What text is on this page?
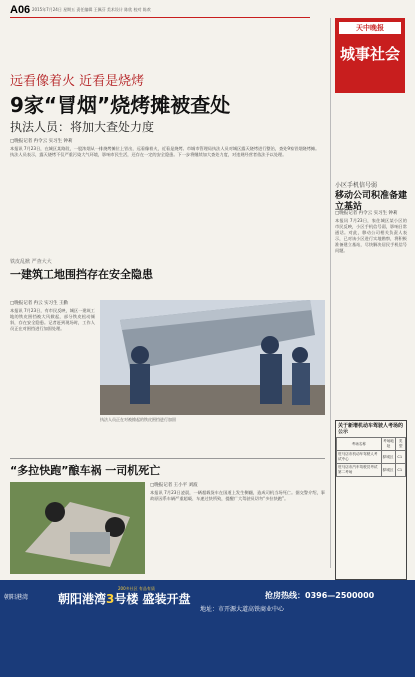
A06 2015年7月24日 星期五 责任编辑 王佩芬 美术设计 陈欣 校对 陈欢
天中晚报
城事社会
远看像着火 近看是烧烤
9家“冒烟”烧烤摊被查处
执法人员：将加大查处力度
□晚报记者 冉令云 实习生 钟莉

本报讯 7月23日，在城区某路段，一股浓烟从一排烧烤摊位上冒出，远看像着火，近看是烧烤。市城市管理局执法人员对城区露天烧烤进行整治，查处9家冒烟烧烤摊。

执法人员表示，露天烧烤不仅严重污染大气环境，影响市民生活，还存在一定的安全隐患。下一步将继续加大查处力度，对违规经营者依法予以处理。

铁皮乱掀 严查大大
一建筑工地围挡存在安全隐患
□晚报记者 冉云 实习生 王勤

本报讯 7月23日，有市民反映，城区一建筑工地的铁皮围挡被大风掀起，部分铁皮松动倾斜，存在安全隐患。记者赶到现场时，工作人员正在对围挡进行加固处理。

执法人员正在对被掀起的铁皮围挡进行加固
小区手机信号弱
移动公司积准备建立基站
□晚报记者 冉令云 实习生 钟莉

本报讯 7月23日，家住城区某小区的市民反映，小区手机信号弱，影响日常通话。对此，移动公司相关负责人表示，已对该小区进行实地勘察，将积极准备建立基站，尽快解决居民手机信号问题。

“多拉快跑”酿车祸 一司机死亡
□晚报记者 王小平 刘波

本报讯 7月23日凌晨，一辆超载货车在国道上发生侧翻，造成司机当场死亡。据交警介绍，事故原因系车辆严重超载、车速过快所致，提醒广大驾驶员切勿“多拉快跑”。

关于新增机动车驾驶人考场的公示
考场名称	考场地址	类型
驻马店市机动车驾驶人考试中心	驿城区	C1
驻马店市汽车驾驶员考试第二考场	驿城区	C1
朝阳港湾
200多社区 有品有质
朝阳港湾3号楼 盛装开盘	抢房热线：0396—2500000
地址：市开源大道高铁商业中心
